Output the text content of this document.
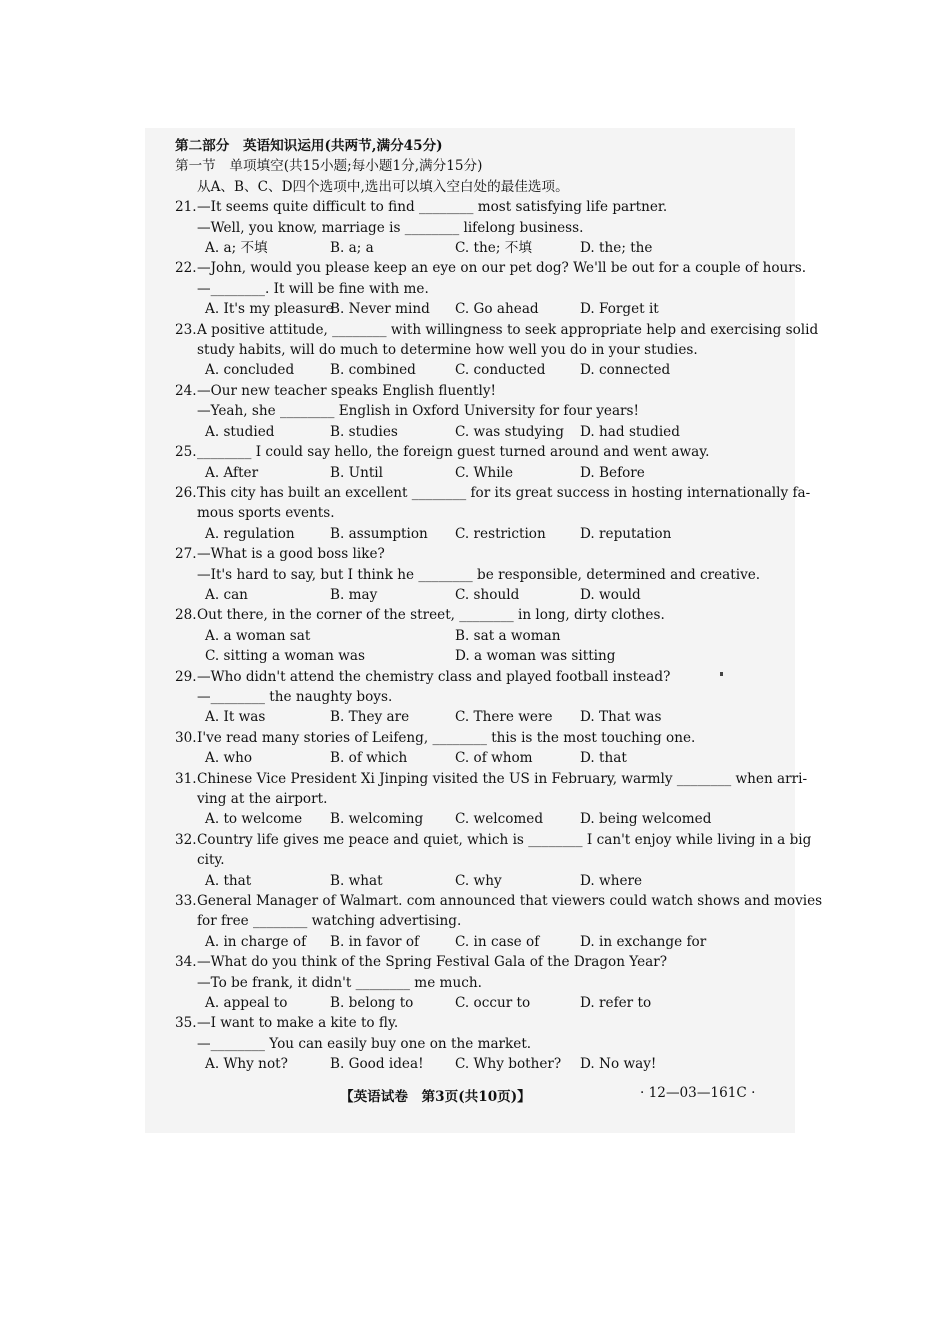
第二部分　英语知识运用(共两节,满分45分)
第一节　单项填空(共15小题;每小题1分,满分15分)
从A、B、C、D四个选项中,选出可以填入空白处的最佳选项。
21. —It seems quite difficult to find ________ most satisfying life partner.
—Well, you know, marriage is ________ lifelong business.
A. a; 不填	B. a; a	C. the; 不填	D. the; the
22. —John, would you please keep an eye on our pet dog? We'll be out for a couple of hours.
—________. It will be fine with me.
A. It's my pleasure
B. Never mind	C. Go ahead	D. Forget it
23. A positive attitude, ________ with willingness to seek appropriate help and exercising solid
study habits, will do much to determine how well you do in your studies.
A. concluded	B. combined	C. conducted	D. connected
24. —Our new teacher speaks English fluently!
—Yeah, she ________ English in Oxford University for four years!
A. studied	B. studies	C. was studying	D. had studied
25. ________ I could say hello, the foreign guest turned around and went away.
A. After	B. Until	C. While	D. Before
26. This city has built an excellent ________ for its great success in hosting internationally fa-
mous sports events.
A. regulation	B. assumption	C. restriction	D. reputation
27. —What is a good boss like?
—It's hard to say, but I think he ________ be responsible, determined and creative.
A. can	B. may	C. should	D. would
28. Out there, in the corner of the street, ________ in long, dirty clothes.
A. a woman sat	B. sat a woman
C. sitting a woman was	D. a woman was sitting
29. —Who didn't attend the chemistry class and played football instead?
—________ the naughty boys.
A. It was	B. They are	C. There were	D. That was
30. I've read many stories of Leifeng, ________ this is the most touching one.
A. who	B. of which	C. of whom	D. that
31. Chinese Vice President Xi Jinping visited the US in February, warmly ________ when arri-
ving at the airport.
A. to welcome	B. welcoming	C. welcomed	D. being welcomed
32. Country life gives me peace and quiet, which is ________ I can't enjoy while living in a big
city.
A. that	B. what	C. why	D. where
33. General Manager of Walmart. com announced that viewers could watch shows and movies
for free ________ watching advertising.
A. in charge of	B. in favor of	C. in case of	D. in exchange for
34. —What do you think of the Spring Festival Gala of the Dragon Year?
—To be frank, it didn't ________ me much.
A. appeal to	B. belong to	C. occur to	D. refer to
35. —I want to make a kite to fly.
—________ You can easily buy one on the market.
A. Why not?	B. Good idea!	C. Why bother?	D. No way!
【英语试卷　第3页(共10页)】	· 12—03—161C ·
